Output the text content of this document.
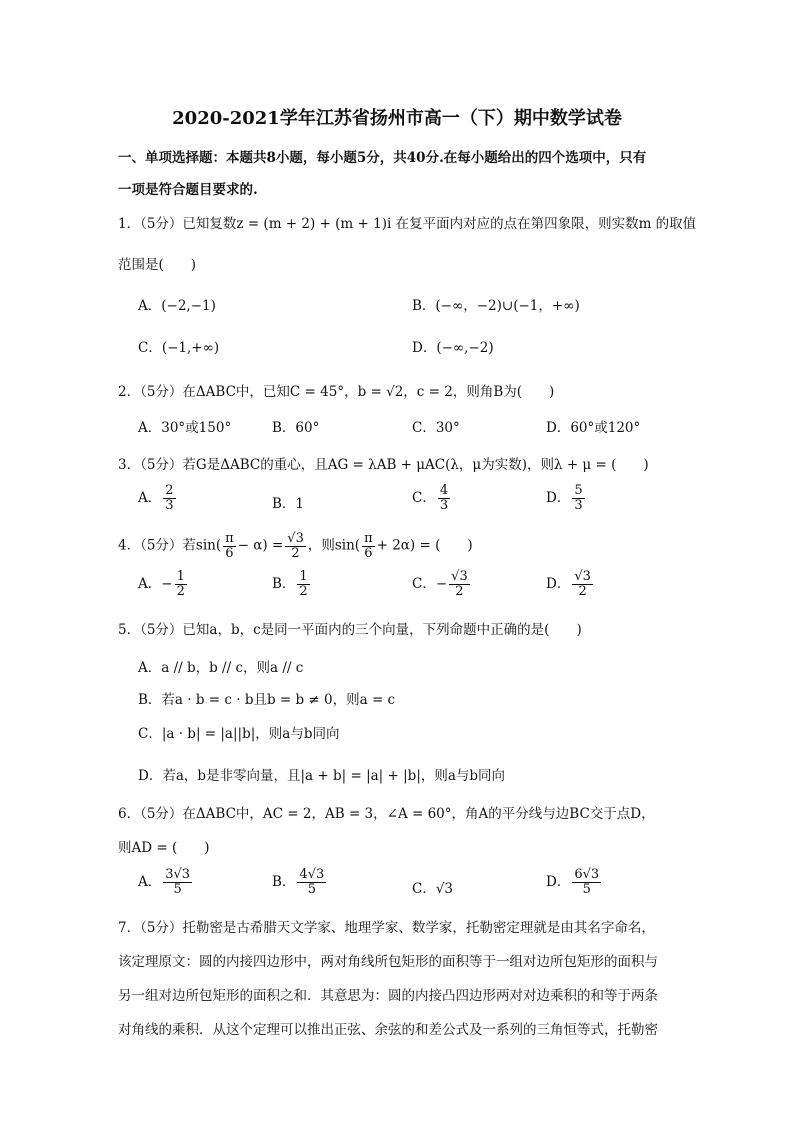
2020-2021学年江苏省扬州市高一（下）期中数学试卷
一、单项选择题：本题共8小题，每小题5分，共40分.在每小题给出的四个选项中，只有
一项是符合题目要求的.
1．（5分）已知复数z = (m + 2) + (m + 1)i 在复平面内对应的点在第四象限，则实数m 的取值
范围是(　　)
A．(−2,−1)	B．(−∞，−2)∪(−1，+∞)
C．(−1,+∞)	D．(−∞,−2)
2．（5分）在ΔABC中，已知C = 45°，b = √2，c = 2，则角B为(　　)
A．30°或150°	B．60°	C．30°	D．60°或120°
3．（5分）若G是ΔABC的重心，且AG = λAB + μAC(λ，μ为实数)，则λ + μ = (　　)
A． $\frac{2}{3}$	B．1	C． $\frac{4}{3}$	D． $\frac{5}{3}$
4．（5分）若$\sin( \frac{\pi}{6} - \alpha) = \frac{√3}{2}$ ，则$\sin( \frac{\pi}{6} + 2\alpha)$ = (　　)
A．− $\frac{1}{2}$	B． $\frac{1}{2}$	C．− $\frac{√3}{2}$	D． $\frac{√3}{2}$
5．（5分）已知a，b，c是同一平面内的三个向量，下列命题中正确的是(　　)
A．a // b，b // c，则a // c
B．若a · b = c · b且b = b ≠ 0，则a = c
C．|a · b| = |a||b|，则a与b同向
D．若a，b是非零向量，且|a + b| = |a| + |b|，则a与b同向
6．（5分）在ΔABC中，AC = 2，AB = 3，∠A = 60°，角A的平分线与边BC交于点D，
则AD = (　　)
A． $\frac{3√3}{5}$	B． $\frac{4√3}{5}$	C．√3	D． $\frac{6√3}{5}$
7．（5分）托勒密是古希腊天文学家、地理学家、数学家，托勒密定理就是由其名字命名，
该定理原文：圆的内接四边形中，两对角线所包矩形的面积等于一组对边所包矩形的面积与
另一组对边所包矩形的面积之和．其意思为：圆的内接凸四边形两对对边乘积的和等于两条
对角线的乘积．从这个定理可以推出正弦、余弦的和差公式及一系列的三角恒等式，托勒密
